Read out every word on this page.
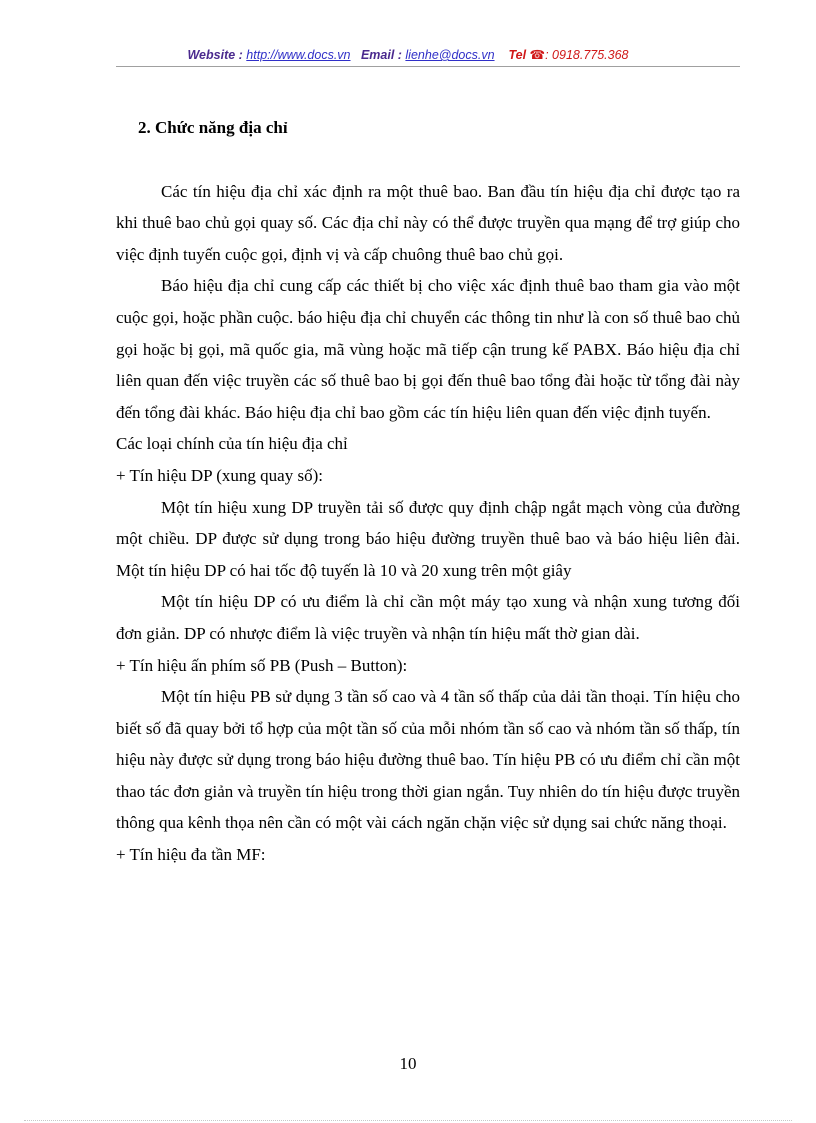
Website : http://www.docs.vn Email : lienhe@docs.vn Tel ☎: 0918.775.368

2. Chức năng địa chỉ

Các tín hiệu địa chỉ xác định ra một thuê bao. Ban đầu tín hiệu địa chỉ được tạo ra khi thuê bao chủ gọi quay số. Các địa chỉ này có thể được truyền qua mạng để trợ giúp cho việc định tuyến cuộc gọi, định vị và cấp chuông thuê bao chủ gọi.

Báo hiệu địa chỉ cung cấp các thiết bị cho việc xác định thuê bao tham gia vào một cuộc gọi, hoặc phần cuộc. báo hiệu địa chỉ chuyển các thông tin như là con số thuê bao chủ gọi hoặc bị gọi, mã quốc gia, mã vùng hoặc mã tiếp cận trung kế PABX. Báo hiệu địa chỉ liên quan đến việc truyền các số thuê bao bị gọi đến thuê bao tổng đài hoặc từ tổng đài này đến tổng đài khác. Báo hiệu địa chỉ bao gồm các tín hiệu liên quan đến việc định tuyến.

Các loại chính của tín hiệu địa chỉ

+ Tín hiệu DP (xung quay số):

Một tín hiệu xung DP truyền tải số được quy định chập ngắt mạch vòng của đường một chiều. DP được sử dụng trong báo hiệu đường truyền thuê bao và báo hiệu liên đài. Một tín hiệu DP có hai tốc độ tuyến là 10 và 20 xung trên một giây

Một tín hiệu DP có ưu điểm là chỉ cần một máy tạo xung và nhận xung tương đối đơn giản. DP có nhược điểm là việc truyền và nhận tín hiệu mất thờ gian dài.

+ Tín hiệu ấn phím số PB (Push – Button):

Một tín hiệu PB sử dụng 3 tần số cao và 4 tần số thấp của dải tần thoại. Tín hiệu cho biết số đã quay bởi tổ hợp của một tần số của mỗi nhóm tần số cao và nhóm tần số thấp, tín hiệu này được sử dụng trong báo hiệu đường thuê bao. Tín hiệu PB có ưu điểm chỉ cần một thao tác đơn giản và truyền tín hiệu trong thời gian ngắn. Tuy nhiên do tín hiệu được truyền thông qua kênh thọa nên cần có một vài cách ngăn chặn việc sử dụng sai chức năng thoại.

+ Tín hiệu đa tần MF:

10
